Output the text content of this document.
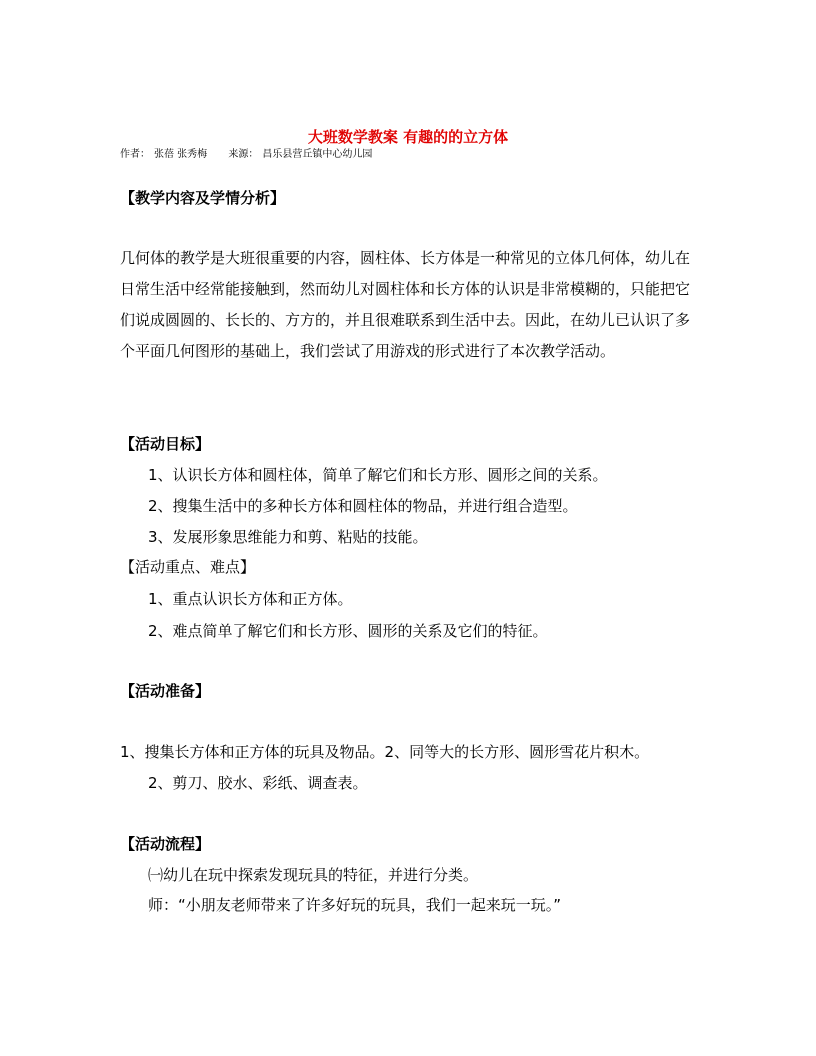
大班数学教案 有趣的的立方体
作者： 张蓓 张秀梅 来源： 昌乐县营丘镇中心幼儿园
【教学内容及学情分析】
几何体的教学是大班很重要的内容，圆柱体、长方体是一种常见的立体几何体，幼儿在日常生活中经常能接触到，然而幼儿对圆柱体和长方体的认识是非常模糊的，只能把它们说成圆圆的、长长的、方方的，并且很难联系到生活中去。因此，在幼儿已认识了多个平面几何图形的基础上，我们尝试了用游戏的形式进行了本次教学活动。
【活动目标】
1、认识长方体和圆柱体，简单了解它们和长方形、圆形之间的关系。
2、搜集生活中的多种长方体和圆柱体的物品，并进行组合造型。
3、发展形象思维能力和剪、粘贴的技能。
【活动重点、难点】
1、重点认识长方体和正方体。
2、难点简单了解它们和长方形、圆形的关系及它们的特征。
【活动准备】
1、搜集长方体和正方体的玩具及物品。2、同等大的长方形、圆形雪花片积木。
2、剪刀、胶水、彩纸、调查表。
【活动流程】
㈠幼儿在玩中探索发现玩具的特征，并进行分类。
师：“小朋友老师带来了许多好玩的玩具，我们一起来玩一玩。”
